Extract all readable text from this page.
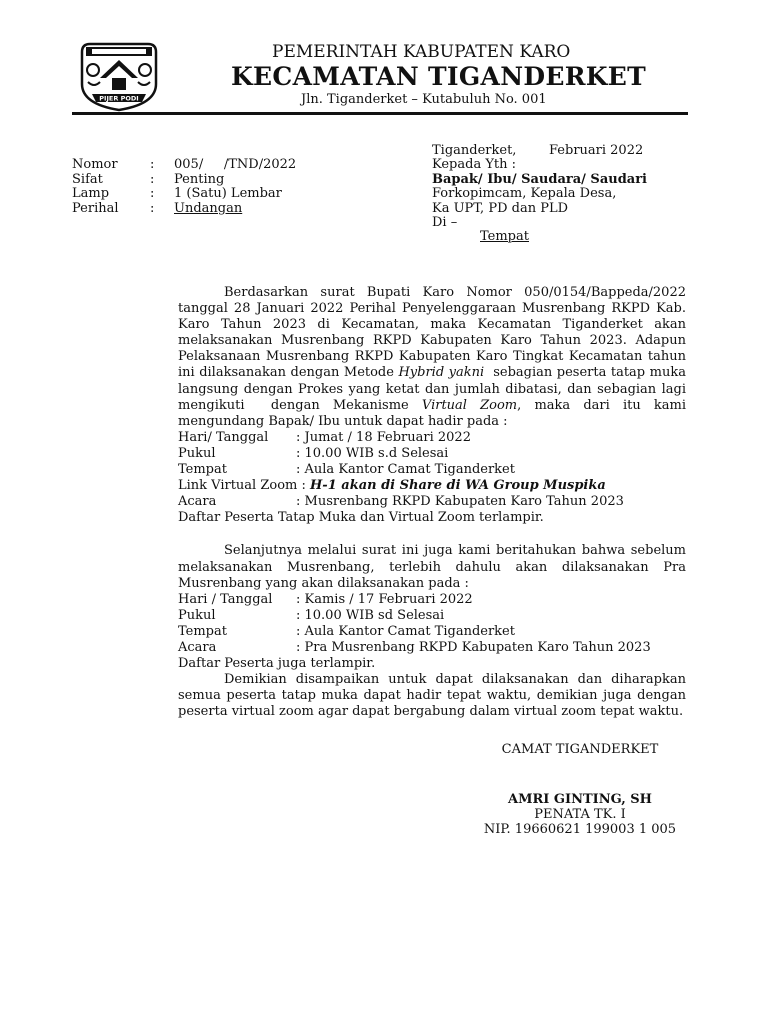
PIJER PODI
PEMERINTAH KABUPATEN KARO
KECAMATAN TIGANDERKET
Jln. Tiganderket – Kutabuluh No. 001
Tiganderket,	Februari 2022
Nomor : 005/     /TND/2022
Sifat	: Penting
Lamp	: 1 (Satu) Lembar
Perihal : Undangan
Kepada Yth :
Bapak/ Ibu/ Saudara/ Saudari
Forkopimcam, Kepala Desa,
Ka UPT, PD dan PLD
Di –
Tempat

Berdasarkan surat Bupati Karo Nomor 050/0154/Bappeda/2022 tanggal 28 Januari 2022 Perihal Penyelenggaraan Musrenbang RKPD Kab. Karo Tahun 2023 di Kecamatan, maka Kecamatan Tiganderket akan melaksanakan Musrenbang RKPD Kabupaten Karo Tahun 2023. Adapun Pelaksanaan Musrenbang RKPD Kabupaten Karo Tingkat Kecamatan tahun ini dilaksanakan dengan Metode Hybrid yakni  sebagian peserta tatap muka langsung dengan Prokes yang ketat dan jumlah dibatasi, dan sebagian lagi mengikuti  dengan Mekanisme Virtual Zoom, maka dari itu kami mengundang Bapak/ Ibu untuk dapat hadir pada :

Hari/ Tanggal	: Jumat / 18 Februari 2022
Pukul	: 10.00 WIB s.d Selesai
Tempat	: Aula Kantor Camat Tiganderket
Link Virtual Zoom : H-1 akan di Share di WA Group Muspika
Acara	: Musrenbang RKPD Kabupaten Karo Tahun 2023
Daftar Peserta Tatap Muka dan Virtual Zoom terlampir.

Selanjutnya melalui surat ini juga kami beritahukan bahwa sebelum melaksanakan Musrenbang, terlebih dahulu akan dilaksanakan Pra Musrenbang yang akan dilaksanakan pada :

Hari / Tanggal	: Kamis / 17 Februari 2022
Pukul	: 10.00 WIB sd Selesai
Tempat	: Aula Kantor Camat Tiganderket
Acara	: Pra Musrenbang RKPD Kabupaten Karo Tahun 2023
Daftar Peserta juga terlampir.

Demikian disampaikan untuk dapat dilaksanakan dan diharapkan semua peserta tatap muka dapat hadir tepat waktu, demikian juga dengan peserta virtual zoom agar dapat bergabung dalam virtual zoom tepat waktu.

CAMAT TIGANDERKET
AMRI GINTING, SH
PENATA TK. I
NIP. 19660621 199003 1 005
